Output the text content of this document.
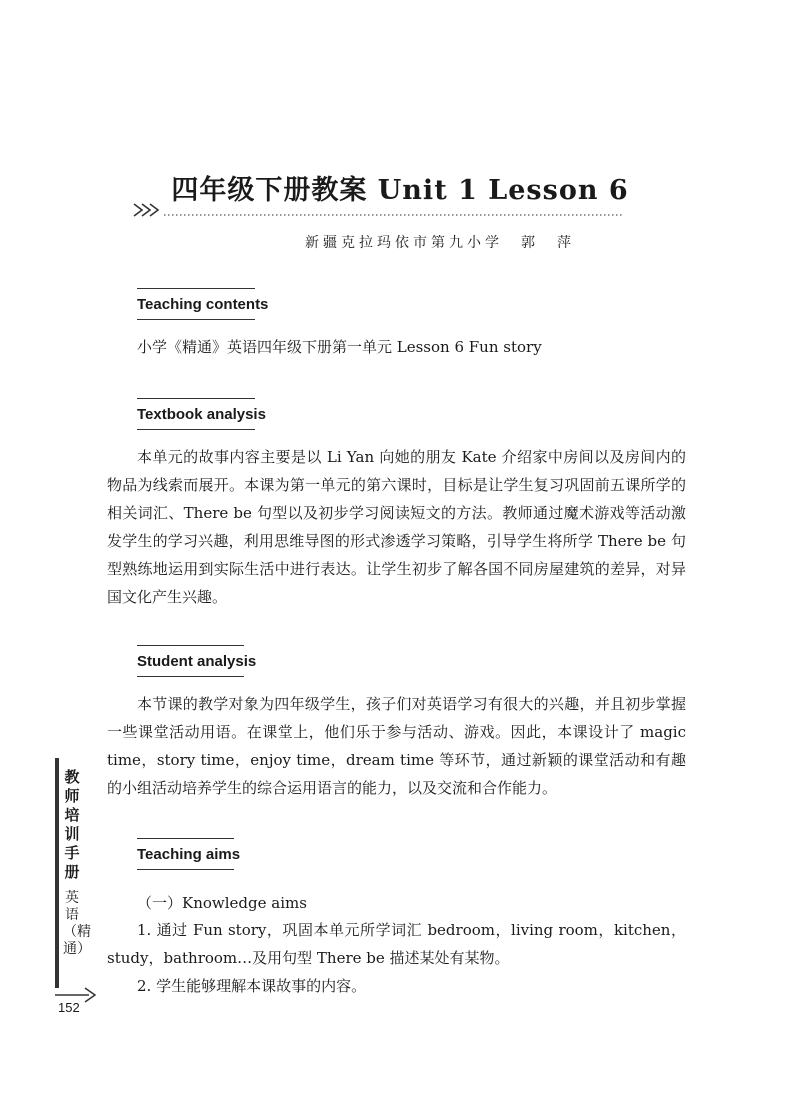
四年级下册教案 Unit 1 Lesson 6
新疆克拉玛依市第九小学　郭　萍
Teaching contents
小学《精通》英语四年级下册第一单元 Lesson 6 Fun story
Textbook analysis

本单元的故事内容主要是以 Li Yan 向她的朋友 Kate 介绍家中房间以及房间内的物品为线索而展开。本课为第一单元的第六课时，目标是让学生复习巩固前五课所学的相关词汇、There be 句型以及初步学习阅读短文的方法。教师通过魔术游戏等活动激发学生的学习兴趣，利用思维导图的形式渗透学习策略，引导学生将所学 There be 句型熟练地运用到实际生活中进行表达。让学生初步了解各国不同房屋建筑的差异，对异国文化产生兴趣。

Student analysis

本节课的教学对象为四年级学生，孩子们对英语学习有很大的兴趣，并且初步掌握一些课堂活动用语。在课堂上，他们乐于参与活动、游戏。因此，本课设计了 magic time，story time，enjoy time，dream time 等环节，通过新颖的课堂活动和有趣的小组活动培养学生的综合运用语言的能力，以及交流和合作能力。

Teaching aims
（一）Knowledge aims

1. 通过 Fun story，巩固本单元所学词汇 bedroom，living room，kitchen，study，bathroom…及用句型 There be 描述某处有某物。

2. 学生能够理解本课故事的内容。

教师培训手册
英语（精通）
152
